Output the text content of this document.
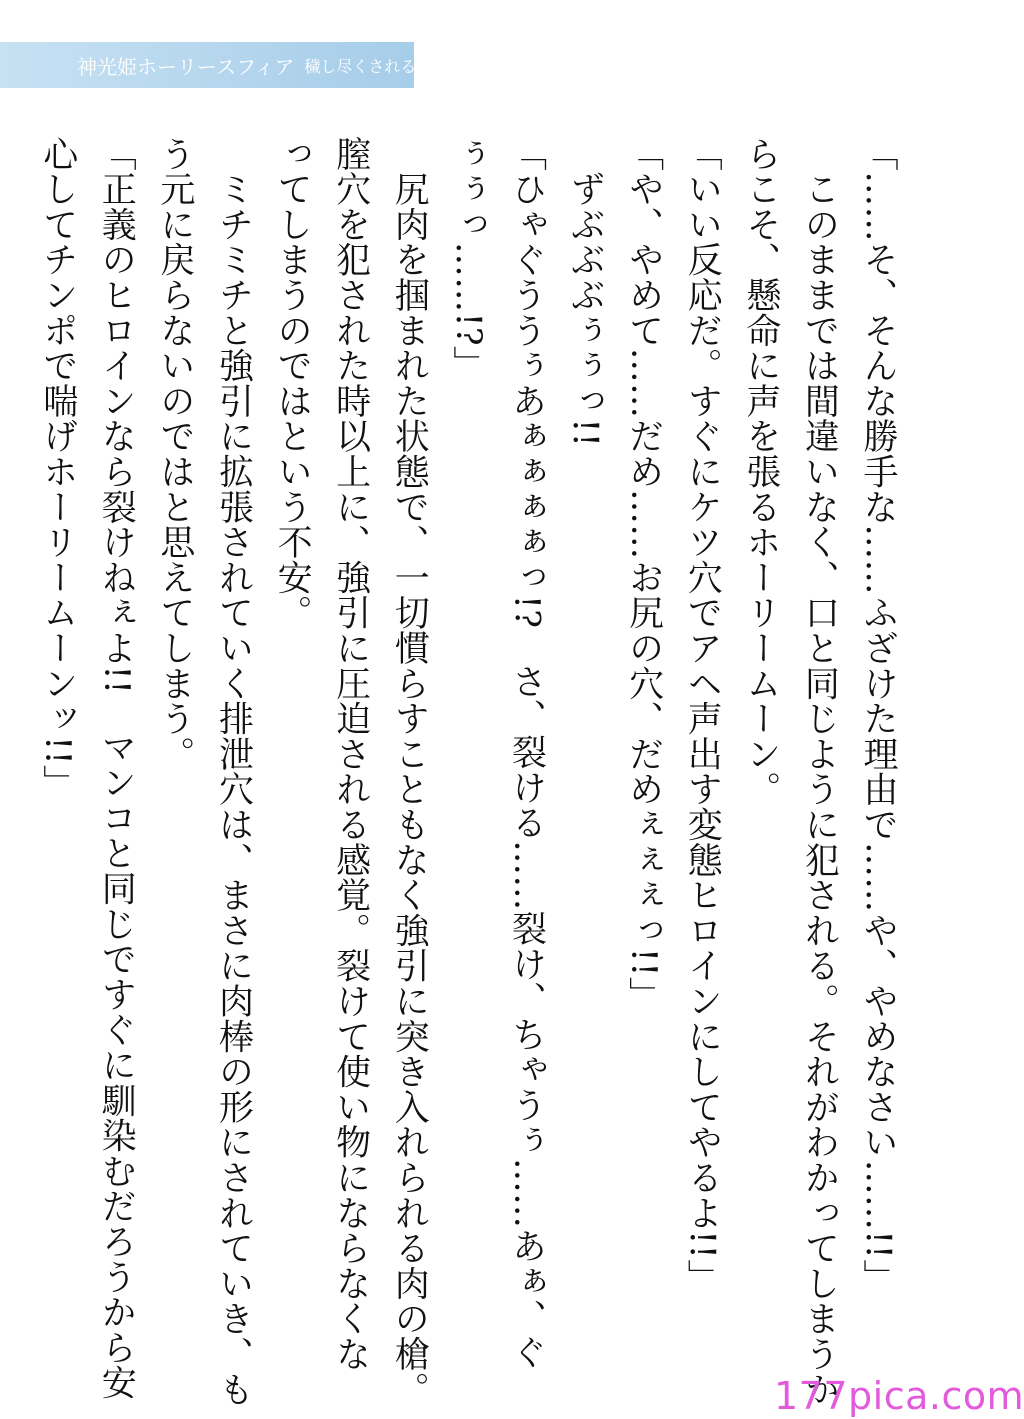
神光姫ホーリースフィア 穢し尽くされる正義
「……そ、そんな勝手な……ふざけた理由で……や、やめなさい……!!」
　このままでは間違いなく、口と同じように犯される。それがわかってしまうか
らこそ、懸命に声を張るホーリームーン。
「いい反応だ。すぐにケツ穴でアヘ声出す変態ヒロインにしてやるよ!!」
「や、やめて……だめ……お尻の穴、だめぇぇぇっ!!」
　ずぶぶぶぅぅっ!!
「ひゃぐううぅあぁぁぁぁっ!?　さ、裂ける……裂け、ちゃうぅ……あぁ、ぐ
ぅぅっ……!?」
　尻肉を掴まれた状態で、一切慣らすこともなく強引に突き入れられる肉の槍。
膣穴を犯された時以上に、強引に圧迫される感覚。裂けて使い物にならなくな
ってしまうのではという不安。
　ミチミチと強引に拡張されていく排泄穴は、まさに肉棒の形にされていき、も
う元に戻らないのではと思えてしまう。
「正義のヒロインなら裂けねぇよ!!　マンコと同じですぐに馴染むだろうから安
心してチンポで喘げホーリームーンッ!!」
177pica.com
